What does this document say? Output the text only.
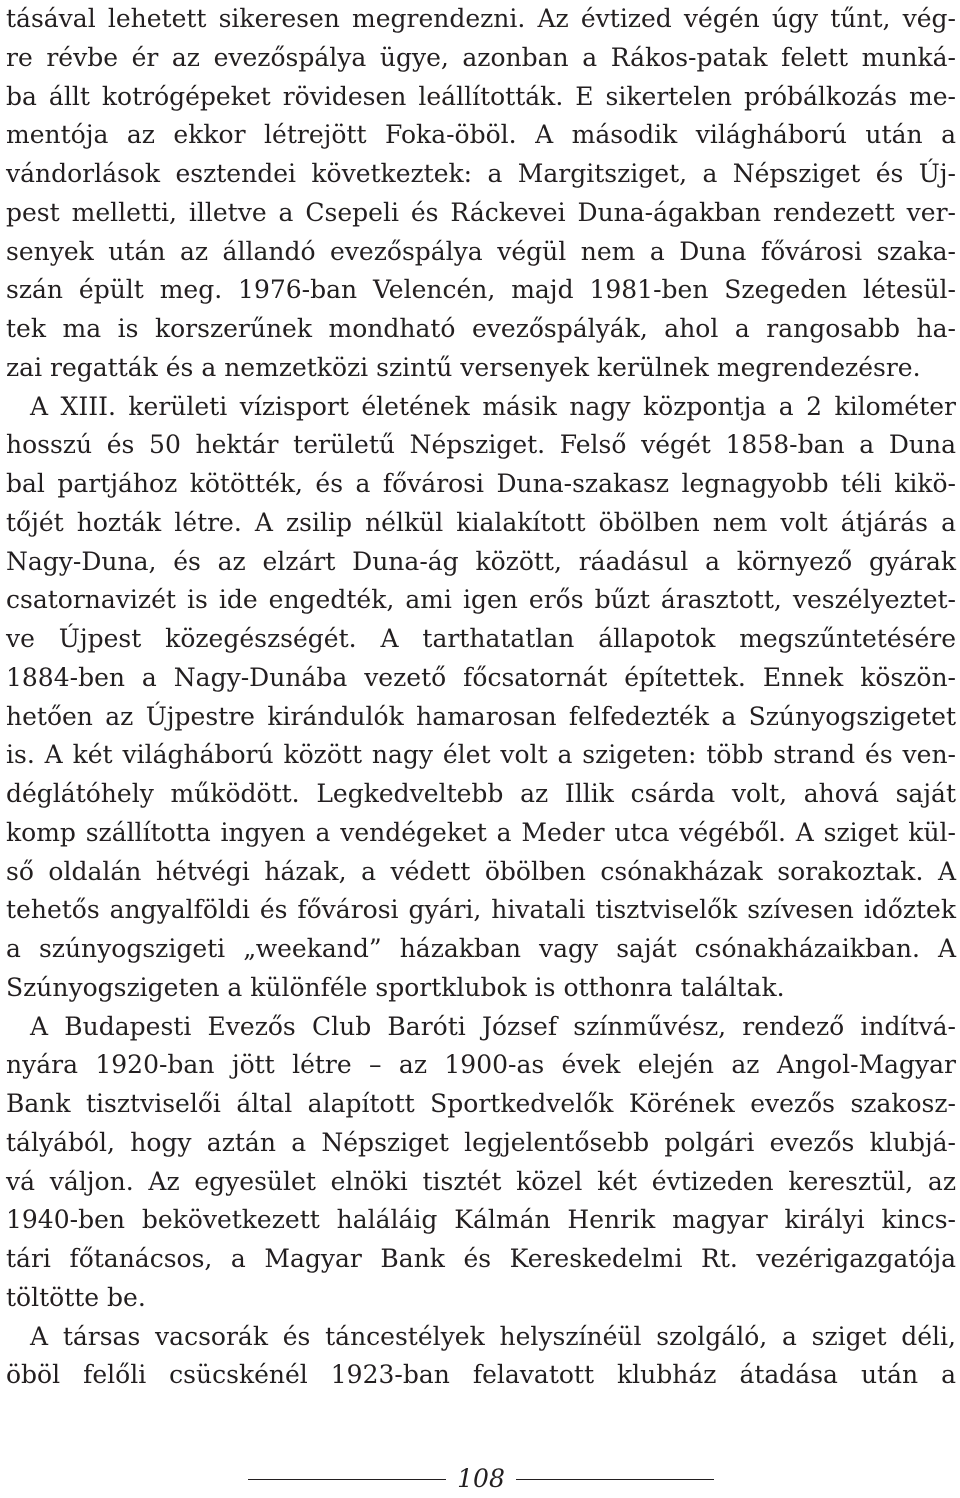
tásával lehetett sikeresen megrendezni. Az évtized végén úgy tűnt, vég-
re révbe ér az evezőspálya ügye, azonban a Rákos-patak felett munká-
ba állt kotrógépeket rövidesen leállították. E sikertelen próbálkozás me-
mentója az ekkor létrejött Foka-öböl. A második világháború után a
vándorlások esztendei következtek: a Margitsziget, a Népsziget és Új-
pest melletti, illetve a Csepeli és Ráckevei Duna-ágakban rendezett ver-
senyek után az állandó evezőspálya végül nem a Duna fővárosi szaka-
szán épült meg. 1976-ban Velencén, majd 1981-ben Szegeden létesül-
tek ma is korszerűnek mondható evezőspályák, ahol a rangosabb ha-
zai regatták és a nemzetközi szintű versenyek kerülnek megrendezésre.
A XIII. kerületi vízisport életének másik nagy központja a 2 kilométer
hosszú és 50 hektár területű Népsziget. Felső végét 1858-ban a Duna
bal partjához kötötték, és a fővárosi Duna-szakasz legnagyobb téli kikö-
tőjét hozták létre. A zsilip nélkül kialakított öbölben nem volt átjárás a
Nagy-Duna, és az elzárt Duna-ág között, ráadásul a környező gyárak
csatornavizét is ide engedték, ami igen erős bűzt árasztott, veszélyeztet-
ve Újpest közegészségét. A tarthatatlan állapotok megszűntetésére
1884-ben a Nagy-Dunába vezető főcsatornát építettek. Ennek köszön-
hetően az Újpestre kirándulók hamarosan felfedezték a Szúnyogszigetet
is. A két világháború között nagy élet volt a szigeten: több strand és ven-
déglátóhely működött. Legkedveltebb az Illik csárda volt, ahová saját
komp szállította ingyen a vendégeket a Meder utca végéből. A sziget kül-
ső oldalán hétvégi házak, a védett öbölben csónakházak sorakoztak. A
tehetős angyalföldi és fővárosi gyári, hivatali tisztviselők szívesen időztek
a szúnyogszigeti „weekand” házakban vagy saját csónakházaikban. A
Szúnyogszigeten a különféle sportklubok is otthonra találtak.
A Budapesti Evezős Club Baróti József színművész, rendező indítvá-
nyára 1920-ban jött létre – az 1900-as évek elején az Angol-Magyar
Bank tisztviselői által alapított Sportkedvelők Körének evezős szakosz-
tályából, hogy aztán a Népsziget legjelentősebb polgári evezős klubjá-
vá váljon. Az egyesület elnöki tisztét közel két évtizeden keresztül, az
1940-ben bekövetkezett haláláig Kálmán Henrik magyar királyi kincs-
tári főtanácsos, a Magyar Bank és Kereskedelmi Rt. vezérigazgatója
töltötte be.
A társas vacsorák és táncestélyek helyszínéül szolgáló, a sziget déli,
öböl felőli csücskénél 1923-ban felavatott klubház átadása után a
108
